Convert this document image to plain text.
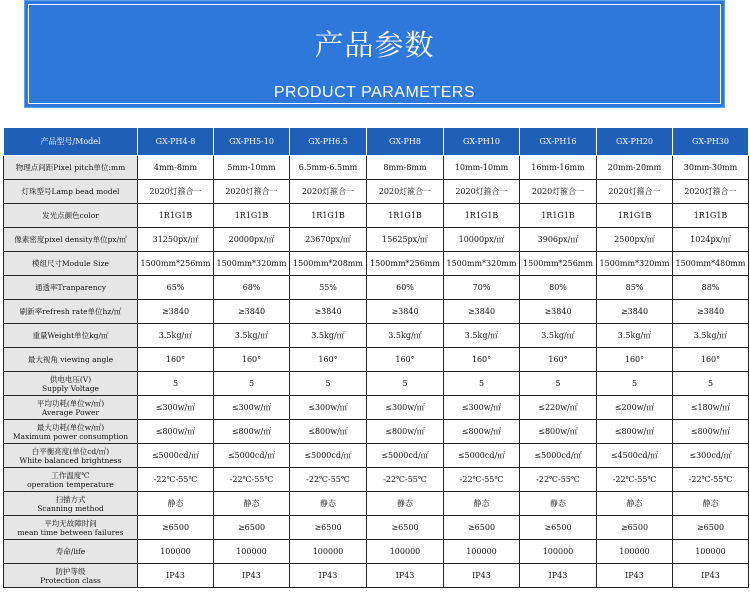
产品参数
PRODUCT PARAMETERS
产品型号/Model	GX-PH4-8	GX-PH5-10	GX-PH6.5	GX-PH8	GX-PH10	GX-PH16	GX-PH20	GX-PH30

物理点间距Pixel pitch单位:mm	4mm-8mm	5mm-10mm	6.5mm-6.5mm	8mm-8mm	10mm-10mm	16mm-16mm	20mm-20mm	30mm-30mm

灯珠型号Lamp bead model	2020灯箍合一	2020灯箍合一	2020灯箍合一	2020灯箍合一	2020灯箍合一	2020灯箍合一	2020灯箍合一	2020灯箍合一

发光点颜色color	1R1G1B	1R1G1B	1R1G1B	1R1G1B	1R1G1B	1R1G1B	1R1G1B	1R1G1B

像素密度pixel density单位px/㎡	31250px/㎡	20000px/㎡	23670px/㎡	15625px/㎡	10000px/㎡	3906px/㎡	2500px/㎡	1024px/㎡

模组尺寸Module Size	1500mm*256mm	1500mm*320mm	1500mm*208mm	1500mm*256mm	1500mm*320mm	1500mm*256mm	1500mm*320mm	1500mm*480mm

通透率Tranparency	65%	68%	55%	60%	70%	80%	85%	88%

刷新率refresh rate单位hz/㎡	≥3840	≥3840	≥3840	≥3840	≥3840	≥3840	≥3840	≥3840

重量Weight单位kg/㎡	3.5kg/㎡	3.5kg/㎡	3.5kg/㎡	3.5kg/㎡	3.5kg/㎡	3.5kg/㎡	3.5kg/㎡	3.5kg/㎡

最大视角 viewing angle	160°	160°	160°	160°	160°	160°	160°	160°

供电电压(V)
Supply Voltage	5	5	5	5	5	5	5	5

平均功耗(单位w/㎡)
Average Power	≤300w/㎡	≤300w/㎡	≤300w/㎡	≤300w/㎡	≤300w/㎡	≤220w/㎡	≤200w/㎡	≤180w/㎡

最大功耗(单位w/㎡)
Maximum power consumption	≤800w/㎡	≤800w/㎡	≤800w/㎡	≤800w/㎡	≤800w/㎡	≤800w/㎡	≤800w/㎡	≤800w/㎡

白平衡亮度(单位cd/㎡)
White balanced brightness	≤5000cd/㎡	≤5000cd/㎡	≤5000cd/㎡	≤5000cd/㎡	≤5000cd/㎡	≤5000cd/㎡	≤4500cd/㎡	≤300cd/㎡

工作温度℃
operation temperature	-22℃-55℃	-22℃-55℃	-22℃-55℃	-22℃-55℃	-22℃-55℃	-22℃-55℃	-22℃-55℃	-22℃-55℃

扫描方式
Scanning method	静态	静态	静态	静态	静态	静态	静态	静态

平均无故障时间
mean time between failures	≥6500	≥6500	≥6500	≥6500	≥6500	≥6500	≥6500	≥6500

寿命/life	100000	100000	100000	100000	100000	100000	100000	100000

防护等级
Protection class	IP43	IP43	IP43	IP43	IP43	IP43	IP43	IP43
